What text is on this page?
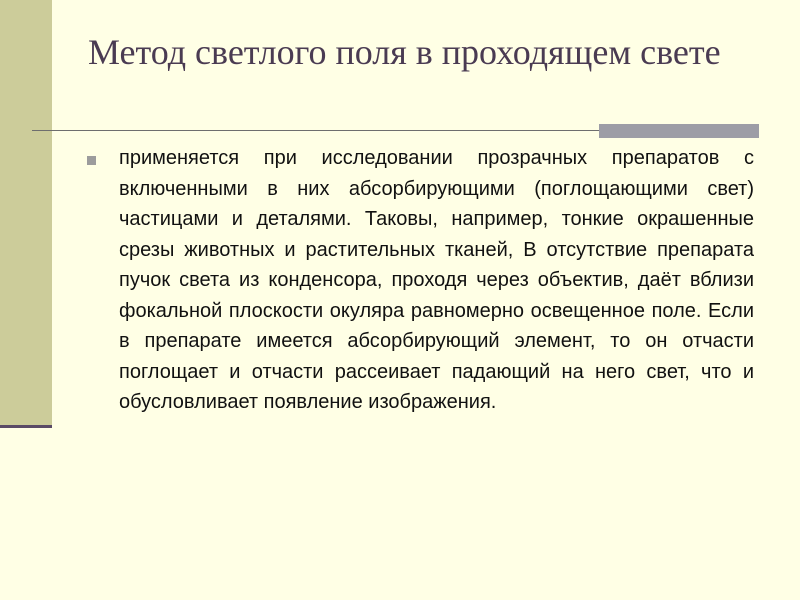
Метод светлого поля в проходящем свете

применяется при исследовании прозрачных препаратов с включенными в них абсорбирующими (поглощающими свет) частицами и деталями. Таковы, например, тонкие окрашенные срезы животных и растительных тканей, В отсутствие препарата пучок света из конденсора, проходя через объектив, даёт вблизи фокальной плоскости окуляра равномерно освещенное поле. Если в препарате имеется абсорбирующий элемент, то он отчасти поглощает и отчасти рассеивает падающий на него свет, что и обусловливает появление изображения.
